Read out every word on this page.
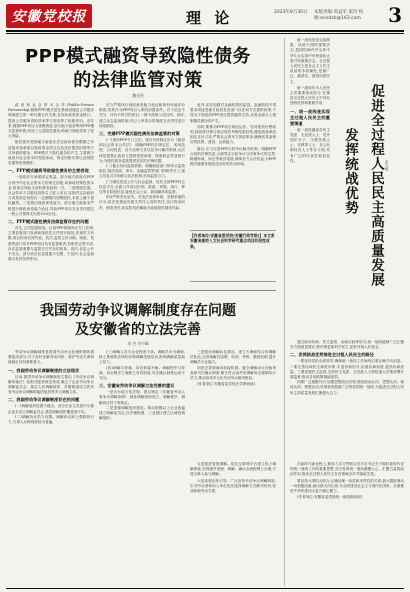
安徽党校报	理 论	2023年8月30日 本版责编:周益军 张玲 校稿:anxdxb@163.com	3
PPP模式融资导致隐性债务
的法律监管对策
魏光明

政府和社会资本合作(Public-Private Partnership,简称PPP)模式是在基础设施及公共服务领域建立的一种长期合作关系,在弥补政府资金缺口、提高公共服务供给效率等方面发挥了积极作用。近年来,随着PPP项目大规模推进,部分地方政府利用PPP模式变相举债,形成了大量隐性债务,给地方财政带来了较大风险。

隐性债务是指地方政府在法定政府债务限额之外直接或者承诺以财政资金偿还以及违法提供担保等方式举借的债务。PPP模式下隐性债务的产生,主要源于政府对社会资本的兜底承诺、固定回报安排以及明股实债等违规操作。

一、PPP模式融资导致隐性债务的主要表现

一是政府方承诺固定收益。部分地方政府在PPP合同中约定社会资本方的固定回报,或承诺回购投资本金,将项目风险全部转移至政府一方。二是明股实债。社会资本方以股权投资名义进入项目,实际约定由政府方或其指定机构在一定期限内回购股权,本质上属于债权融资。三是超出财政承受能力。部分地方政府未严格进行财政承受能力论证,导致PPP项目支出责任超过一般公共预算支出的10%红线。

二、PPP模式隐性债务法律监管存在的问题

首先,立法层级较低。目前PPP领域尚无专门法律,主要依靠部门规章和规范性文件进行规范,法律效力有限,难以形成有效约束。其次,监管主体分散。财政、发改等部门均对PPP项目负有监管职责,但职责边界不清,存在监管重叠与监管空白并存的现象。再次,信息公开不充分。部分项目信息披露不完整、不及时,社会监督难以有效发挥作用。

应当严格执行财政承受能力论证和物有所值评价制度,将其作为PPP项目入库的前置条件。对于论证不充分、评价不科学的项目,一律不得纳入项目库。同时,建立动态监测机制,对已入库项目的财政支出责任进行持续跟踪。

三、完善PPP模式隐性债务法律监管的对策

(一)加快PPP专门立法。建议尽快制定出台《政府和社会资本合作法》,明确PPP的法律定位、适用范围、合同性质、各方权利义务以及争议解决机制,从法律层面禁止政府方提供兜底承诺、保底收益等违规行为,为隐性债务监管提供坚实的法律依据。

(二)健全协同监管机制。明确财政部门的牵头监管地位,厘清发改、审计、金融监管等部门的职责分工,建立信息共享和联合执法机制,形成监管合力。

(三)强化信息公开与社会监督。依托全国PPP综合信息平台,全面公开项目识别、准备、采购、执行、移交等各阶段信息,接受社会公众、新闻媒体的监督。

(四)严格责任追究。对违法违规举债、变相举债的行为,依法依规追究相关责任人员的责任,实行终身问责、倒查责任,切实防范化解地方政府隐性债务风险。

此外,还应加强对金融机构的监管。金融机构不得要求或接受地方政府及其部门以任何方式提供担保,不得为不规范的PPP项目提供融资支持,从资金源头上遏制隐性债务的产生。

同时,要推动PPP项目规范运作。坚持按效付费原则,将政府付费与项目绩效考核结果挂钩,避免政府承担固定支付义务;严格社会资本方资质审查,确保其具备相应的投资、建设、运营能力。

最后,应当完善PPP合同争议解决机制。明确PPP合同的法律性质,合理界定行政争议与民事争议的边界,畅通仲裁、诉讼等救济渠道,保障各方合法权益,为PPP模式健康发展营造良好的法治环境。

【作者单位:安徽省委党校(安徽行政学院)】本文系安徽省高校人文社会科学研究重点项目阶段性成果。

统一战线是党克敌制胜、执政兴国的重要法宝,是团结海内外全体中华儿女实现中华民族伟大复兴的重要法宝。全过程人民民主是社会主义民主政治的本质属性,是最广泛、最真实、最管用的民主。

统一战线作为人民民主的重要组成部分,在推进全过程人民民主中具有独特优势和重要作用。

一、统一战线是实现全过程人民民主的重要渠道

统一战线涵盖各民主党派、无党派人士、党外知识分子、少数民族人士、宗教界人士、非公有制经济人士等各方面,具有广泛的代表性和包容性。	促进全过程人民民主高质量发展
发挥统战优势	孟凡明

通过政治协商、民主监督、参政议政等形式,统一战线能够广泛汇聚各方面意见建议,使决策更加科学民主,更好体现人民意志。

二、发挥统战优势推进全过程人民民主的路径

一要坚持党的全面领导,确保统一战线工作始终沿着正确方向前进。二要完善协商民主制度体系,丰富协商形式,拓展协商渠道,提高协商质量。三要加强民主监督,支持民主党派、无党派人士围绕重大决策部署开展监督,推动各项政策落地见效。

四要广泛凝聚共识,加强思想政治引领,增进政治认同、思想认同、理论认同、情感认同,巩固和发展最广泛的爱国统一战线,为促进全过程人民民主高质量发展汇聚强大合力。

在新时代新征程上,要深入学习贯彻习近平总书记关于做好新时代党的统一战线工作的重要思想,充分发挥统一战线凝聚人心、汇聚力量的政治作用,推动全过程人民民主在各领域各环节落地生根。

要坚持大团结大联合,正确处理一致性和多样性的关系,最大限度调动一切积极因素,画出最大同心圆,为全面建设社会主义现代化国家、全面推进中华民族伟大复兴凝心聚力。

(作者单位:安徽省委党校统一战线教研部)

我国劳动争议调解制度存在问题
及安徽省的立法完善
刘 杰 李中峰

劳动争议调解制度是我国劳动争议处理机制的重要组成部分,对于及时化解劳动纠纷、维护劳动关系和谐稳定具有重要意义。

一、我国劳动争议调解制度的立法现状

目前,我国劳动争议调解制度主要由《劳动争议调解仲裁法》及相关配套规定构成,确立了企业劳动争议调解委员会、基层人民调解组织、乡镇街道设立的具有劳动争议调解职能的组织等多元调解主体。

二、我国劳动争议调解制度存在的问题

(一)调解组织设置不健全。部分企业尤其是中小微企业未设立调解委员会,基层调解组织覆盖面不足。

(二)调解协议效力有限。调解协议缺乏强制执行力,当事人反悔现象较为普遍。

(三)调解人员专业化程度不高。调解员多为兼职,缺乏系统的法律知识和调解技能培训,影响调解质量和公信力。

(四)调解与仲裁、诉讼衔接不畅。调解程序与仲裁、诉讼程序之间缺乏有效衔接,司法确认制度运用不充分。

三、安徽省劳动争议调解立法完善的建议

一是出台地方性法规。建议制定《安徽省劳动人事争议调解条例》,细化调解组织设立、调解程序、调解协议效力等规定。

二是加强调解组织建设。推动规模以上企业普遍建立调解委员会,在乡镇街道、工业园区建立区域性调解组织。

三是强化调解队伍建设。建立专兼职结合的调解员队伍,完善调解员选聘、培训、考核、激励机制,提升调解员专业能力。

四是完善调裁诉衔接机制。健全调解协议仲裁审查和司法确认制度,赋予符合条件的调解协议强制执行效力,推动形成多元化劳动争议解决格局。

(作者单位:安徽省委党校法学教研部)

五是推进智慧调解。依托互联网平台建立线上调解系统,实现案件受理、调解、确认全流程网上办理,方便当事人参与调解。

六是加强宣传引导。广泛宣传劳动争议调解制度,引导劳动者和用人单位优先选择调解方式解决纠纷,营造和谐劳动关系。
